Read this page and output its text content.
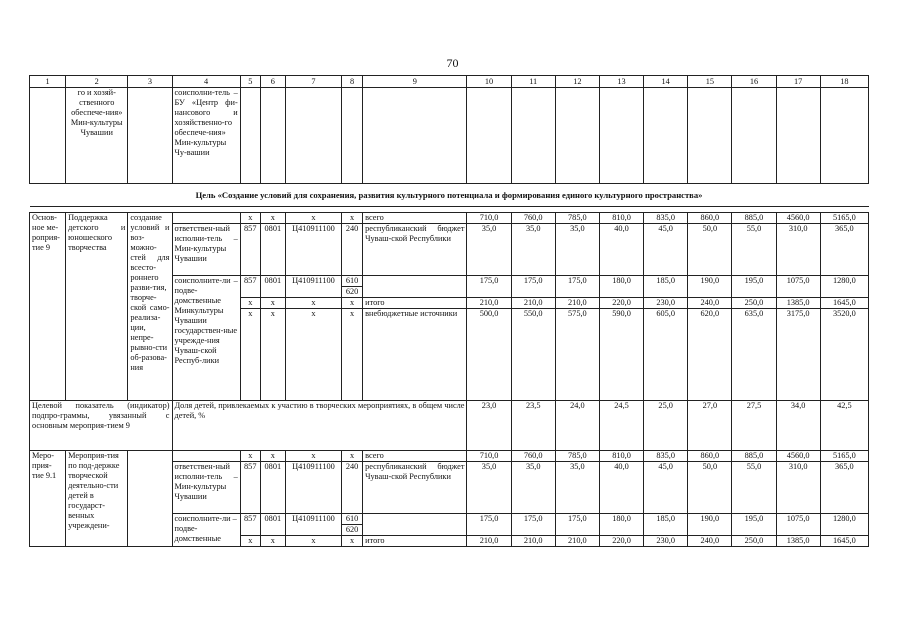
70
1	2	3	4	5	6	7	8	9	10	11	12	13	14	15	16	17	18
	го и хозяй-ственного обеспече-ния» Мин-культуры Чувашии		соисполни-тель – БУ «Центр фи-нансового и хозяйственно-го обеспече-ния» Мин-культуры Чу-вашии														
Цель «Создание условий для сохранения, развития культурного потенциала и формирования единого культурного пространства»																	

Основ-ное ме-роприя-тие 9	Поддержка детского и юношеского творчества	создание условий и воз-можно-стей для всесто-роннего разви-тия, творче-ской само-реализа-ции, непре-рывно-сти об-разова-ния		x	x	x	x	всего	710,0	760,0	785,0	810,0	835,0	860,0	885,0	4560,0	5165,0
			ответствен-ный исполни-тель – Мин-культуры Чувашии	857	0801	Ц410911100	240	республиканский бюджет Чуваш-ской Республики	35,0	35,0	35,0	40,0	45,0	50,0	55,0	310,0	365,0
			соисполните-ли – подве-домственные Минкультуры Чувашии государствен-ные учрежде-ния Чуваш-ской Респуб-лики	857	0801	Ц410911100	610		175,0	175,0	175,0	180,0	185,0	190,0	195,0	1075,0	1280,0
							620										
				x	x	x	x	итого	210,0	210,0	210,0	220,0	230,0	240,0	250,0	1385,0	1645,0
				x	x	x	x	внебюджетные источники	500,0	550,0	575,0	590,0	605,0	620,0	635,0	3175,0	3520,0
Целевой показатель (индикатор) подпро-граммы, увязанный с основным мероприя-тием 9			Доля детей, привлекаемых к участию в творческих мероприятиях, в общем числе детей, %						23,0	23,5	24,0	24,5	25,0	27,0	27,5	34,0	42,5
Меро-прия-тие 9.1	Мероприя-тия по под-держке творческой деятельно-сти детей в государст-венных учреждени-			x	x	x	x	всего	710,0	760,0	785,0	810,0	835,0	860,0	885,0	4560,0	5165,0
			ответствен-ный исполни-тель – Мин-культуры Чувашии	857	0801	Ц410911100	240	республиканский бюджет Чуваш-ской Республики	35,0	35,0	35,0	40,0	45,0	50,0	55,0	310,0	365,0
			соисполните-ли – подве-домственные	857	0801	Ц410911100	610		175,0	175,0	175,0	180,0	185,0	190,0	195,0	1075,0	1280,0
							620										
				x	x	x	x	итого	210,0	210,0	210,0	220,0	230,0	240,0	250,0	1385,0	1645,0
